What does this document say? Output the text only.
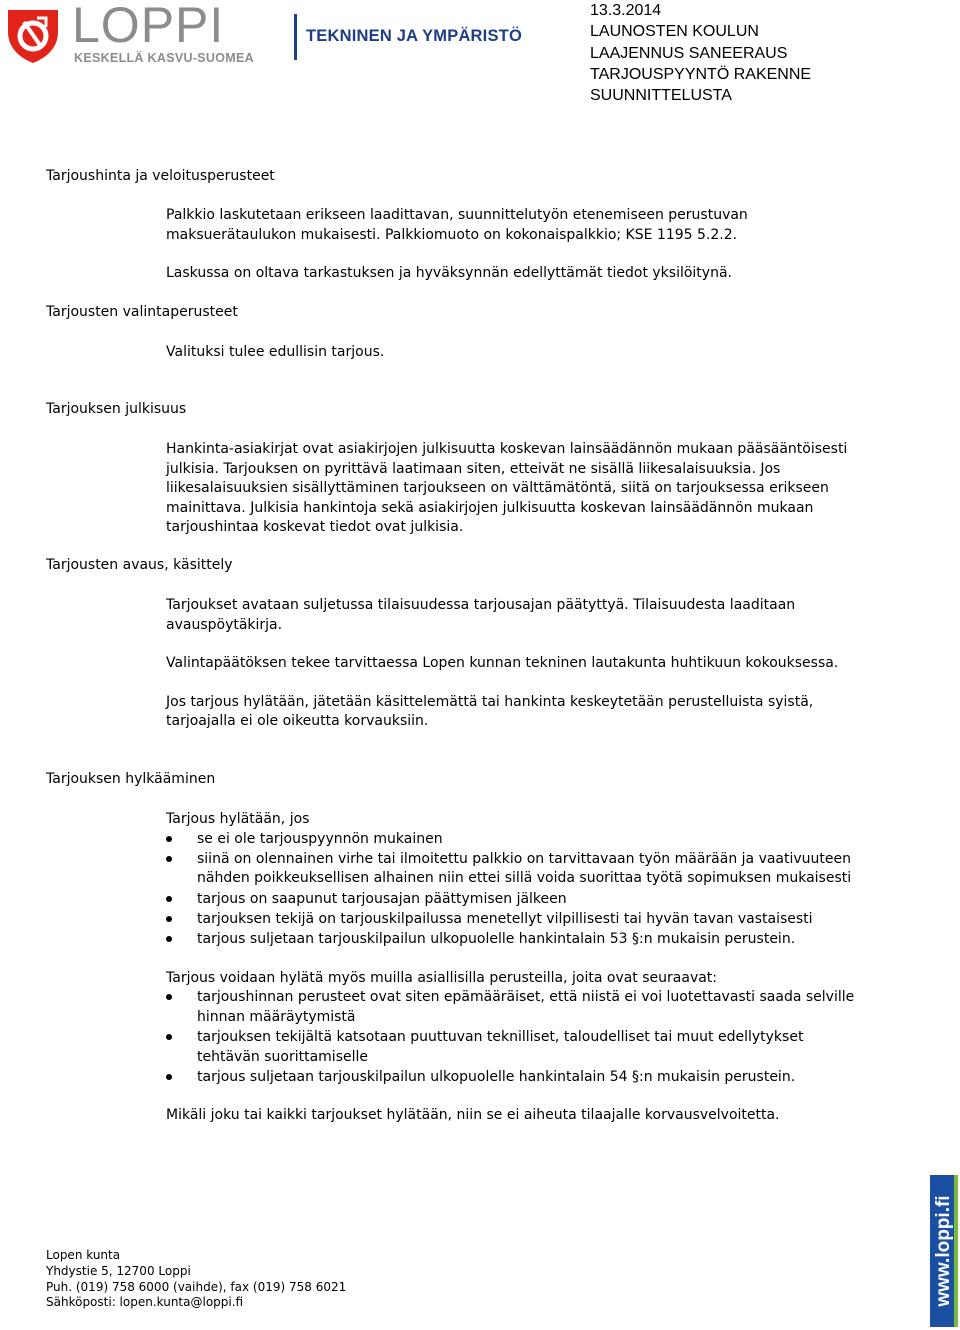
LOPPI
KESKELLÄ KASVU-SUOMEA
TEKNINEN JA YMPÄRISTÖ
13.3.2014
LAUNOSTEN KOULUN
LAAJENNUS SANEERAUS
TARJOUSPYYNTÖ RAKENNE
SUUNNITTELUSTA
Tarjoushinta ja veloitusperusteet

Palkkio laskutetaan erikseen laadittavan, suunnittelutyön etenemiseen perustuvan maksuerätaulukon mukaisesti. Palkkiomuoto on kokonaispalkkio; KSE 1195 5.2.2.

Laskussa on oltava tarkastuksen ja hyväksynnän edellyttämät tiedot yksilöitynä.

Tarjousten valintaperusteet

Valituksi tulee edullisin tarjous.

Tarjouksen julkisuus

Hankinta-asiakirjat ovat asiakirjojen julkisuutta koskevan lainsäädännön mukaan pääsääntöisesti julkisia. Tarjouksen on pyrittävä laatimaan siten, etteivät ne sisällä liikesalaisuuksia. Jos liikesalaisuuksien sisällyttäminen tarjoukseen on välttämätöntä, siitä on tarjouksessa erikseen mainittava. Julkisia hankintoja sekä asiakirjojen julkisuutta koskevan lainsäädännön mukaan tarjoushintaa koskevat tiedot ovat julkisia.

Tarjousten avaus, käsittely

Tarjoukset avataan suljetussa tilaisuudessa tarjousajan päätyttyä. Tilaisuudesta laaditaan avauspöytäkirja.

Valintapäätöksen tekee tarvittaessa Lopen kunnan tekninen lautakunta huhtikuun kokouksessa.

Jos tarjous hylätään, jätetään käsittelemättä tai hankinta keskeytetään perustelluista syistä, tarjoajalla ei ole oikeutta korvauksiin.

Tarjouksen hylkääminen

Tarjous hylätään, jos

se ei ole tarjouspyynnön mukainen
siinä on olennainen virhe tai ilmoitettu palkkio on tarvittavaan työn määrään ja vaativuuteen nähden poikkeuksellisen alhainen niin ettei sillä voida suorittaa työtä sopimuksen mukaisesti
tarjous on saapunut tarjousajan päättymisen jälkeen
tarjouksen tekijä on tarjouskilpailussa menetellyt vilpillisesti tai hyvän tavan vastaisesti
tarjous suljetaan tarjouskilpailun ulkopuolelle hankintalain 53 §:n mukaisin perustein.

Tarjous voidaan hylätä myös muilla asiallisilla perusteilla, joita ovat seuraavat:

tarjoushinnan perusteet ovat siten epämääräiset, että niistä ei voi luotettavasti saada selville hinnan määräytymistä
tarjouksen tekijältä katsotaan puuttuvan teknilliset, taloudelliset tai muut edellytykset tehtävän suorittamiselle
tarjous suljetaan tarjouskilpailun ulkopuolelle hankintalain 54 §:n mukaisin perustein.

Mikäli joku tai kaikki tarjoukset hylätään, niin se ei aiheuta tilaajalle korvausvelvoitetta.

Lopen kunta
Yhdystie 5, 12700 Loppi
Puh. (019) 758 6000 (vaihde), fax (019) 758 6021
Sähköposti: lopen.kunta@loppi.fi	www.loppi.fi
